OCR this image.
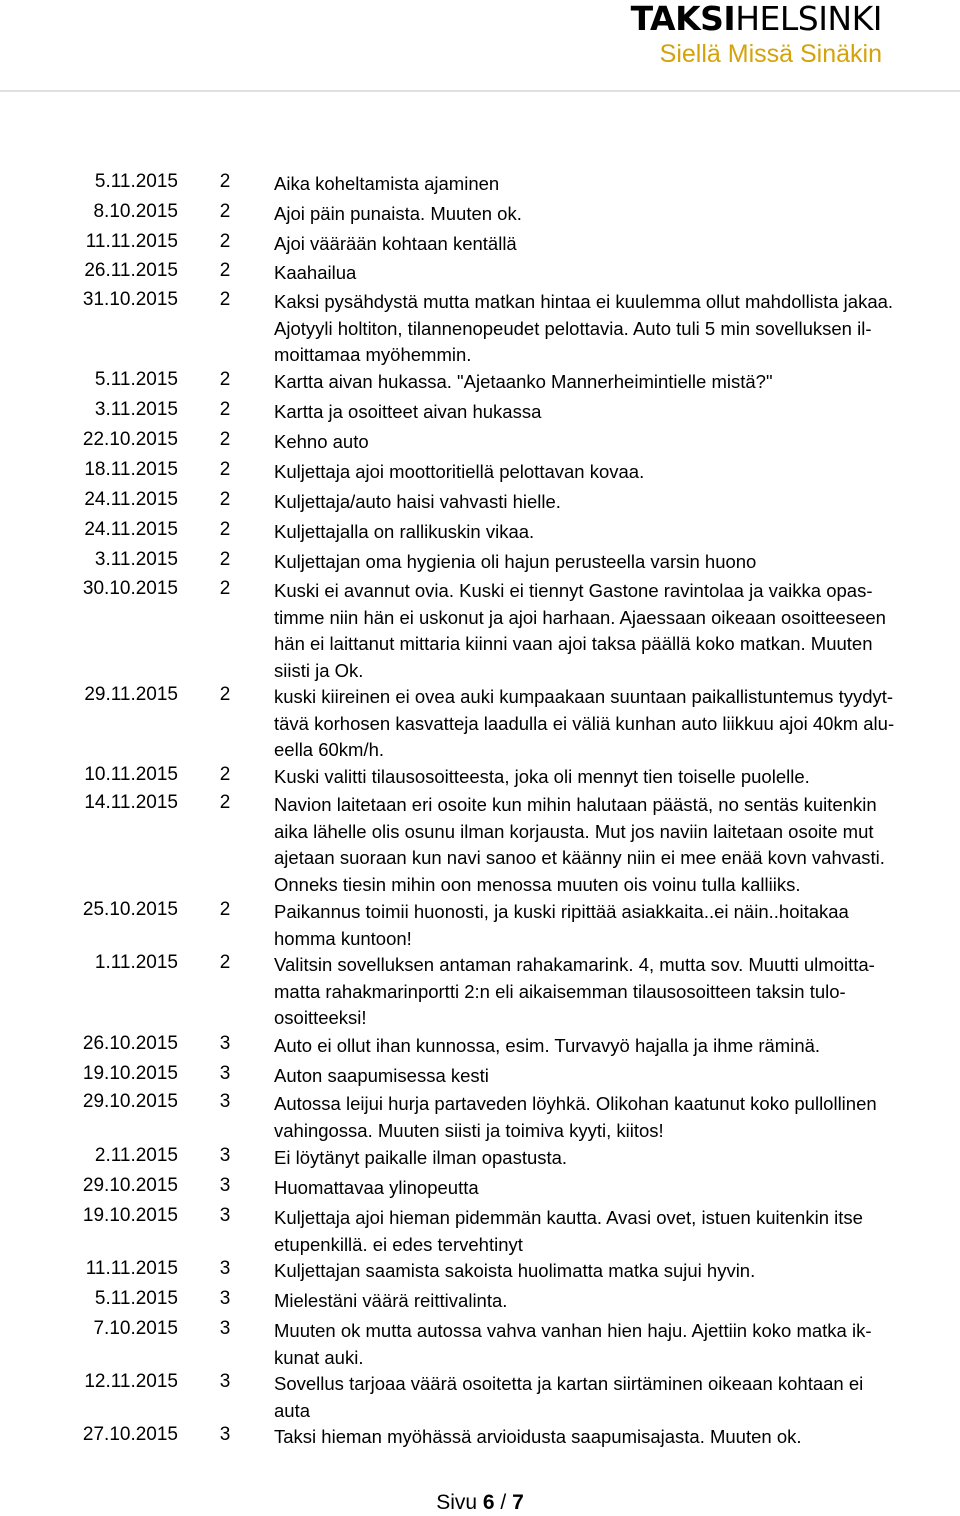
TAKSIHELSINKI
Siellä Missä Sinäkin
5.11.2015	2	Aika koheltamista ajaminen
8.10.2015	2	Ajoi päin punaista. Muuten ok.
11.11.2015	2	Ajoi väärään kohtaan kentällä
26.11.2015	2	Kaahailua
31.10.2015	2	Kaksi pysähdystä mutta matkan hintaa ei kuulemma ollut mahdollista jakaa.
Ajotyyli holtiton, tilannenopeudet pelottavia. Auto tuli 5 min sovelluksen il-
moittamaa myöhemmin.
5.11.2015	2	Kartta aivan hukassa. "Ajetaanko Mannerheimintielle mistä?"
3.11.2015	2	Kartta ja osoitteet aivan hukassa
22.10.2015	2	Kehno auto
18.11.2015	2	Kuljettaja ajoi moottoritiellä pelottavan kovaa.
24.11.2015	2	Kuljettaja/auto haisi vahvasti hielle.
24.11.2015	2	Kuljettajalla on rallikuskin vikaa.
3.11.2015	2	Kuljettajan oma hygienia oli hajun perusteella varsin huono
30.10.2015	2	Kuski ei avannut ovia. Kuski ei tiennyt Gastone ravintolaa ja vaikka opas-
timme niin hän ei uskonut ja ajoi harhaan. Ajaessaan oikeaan osoitteeseen
hän ei laittanut mittaria kiinni vaan ajoi taksa päällä koko matkan. Muuten
siisti ja Ok.
29.11.2015	2	kuski kiireinen ei ovea auki kumpaakaan suuntaan paikallistuntemus tyydyt-
tävä korhosen kasvatteja laadulla ei väliä kunhan auto liikkuu ajoi 40km alu-
eella 60km/h.
10.11.2015	2	Kuski valitti tilausosoitteesta, joka oli mennyt tien toiselle puolelle.
14.11.2015	2	Navion laitetaan eri osoite kun mihin halutaan päästä, no sentäs kuitenkin
aika lähelle olis osunu ilman korjausta. Mut jos naviin laitetaan osoite mut
ajetaan suoraan kun navi sanoo et käänny niin ei mee enää kovn vahvasti.
Onneks tiesin mihin oon menossa muuten ois voinu tulla kalliiks.
25.10.2015	2	Paikannus toimii huonosti, ja kuski ripittää asiakkaita..ei näin..hoitakaa
homma kuntoon!
1.11.2015	2	Valitsin sovelluksen antaman rahakamarink. 4, mutta sov. Muutti ulmoitta-
matta rahakmarinportti 2:n eli aikaisemman tilausosoitteen taksin tulo-
osoitteeksi!
26.10.2015	3	Auto ei ollut ihan kunnossa, esim. Turvavyö hajalla ja ihme räminä.
19.10.2015	3	Auton saapumisessa kesti
29.10.2015	3	Autossa leijui hurja partaveden löyhkä. Olikohan kaatunut koko pullollinen
vahingossa. Muuten siisti ja toimiva kyyti, kiitos!
2.11.2015	3	Ei löytänyt paikalle ilman opastusta.
29.10.2015	3	Huomattavaa ylinopeutta
19.10.2015	3	Kuljettaja ajoi hieman pidemmän kautta. Avasi ovet, istuen kuitenkin itse
etupenkillä. ei edes tervehtinyt
11.11.2015	3	Kuljettajan saamista sakoista huolimatta matka sujui hyvin.
5.11.2015	3	Mielestäni väärä reittivalinta.
7.10.2015	3	Muuten ok mutta autossa vahva vanhan hien haju. Ajettiin koko matka ik-
kunat auki.
12.11.2015	3	Sovellus tarjoaa väärä osoitetta ja kartan siirtäminen oikeaan kohtaan ei
auta
27.10.2015	3	Taksi hieman myöhässä arvioidusta saapumisajasta. Muuten ok.
Sivu 6 / 7
